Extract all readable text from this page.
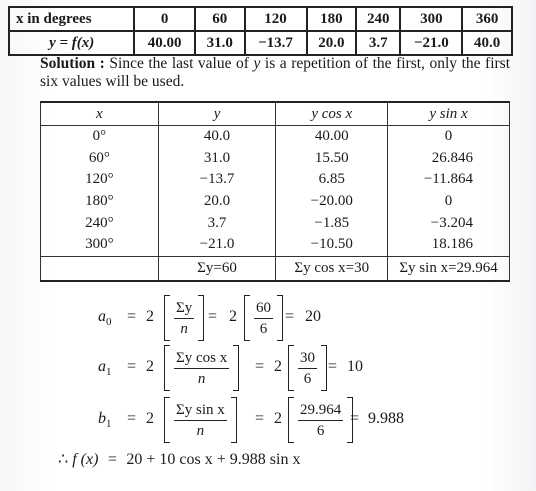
x in degrees	0	60	120	180	240	300	360
y = f(x)	40.00	31.0	−13.7	20.0	3.7	−21.0	40.0
Solution : Since the last value of y is a repetition of the first, only the first six values will be used.
x	y	y cos x	y sin x
0°	40.0	40.00	0
60°	31.0	15.50	26.846
120°	−13.7	6.85	−11.864
180°	20.0	−20.00	0
240°	3.7	−1.85	−3.204
300°	−21.0	−10.50	18.186
	Σy=60	Σy cos x=30	Σy sin x=29.964
$a_0 = 2 \frac{\Sigma y}{n} = 2 \frac{60}{6} = 20$
$a_1 = 2 \frac{\text{Σy cos x}}{n} = 2 \frac{30}{6} = 10$
$b_1 = 2 \frac{\text{Σy sin x}}{n} = 2 \frac{29.964}{6} = 9.988$
∴ f (x) = 20 + 10 cos x + 9.988 sin x
